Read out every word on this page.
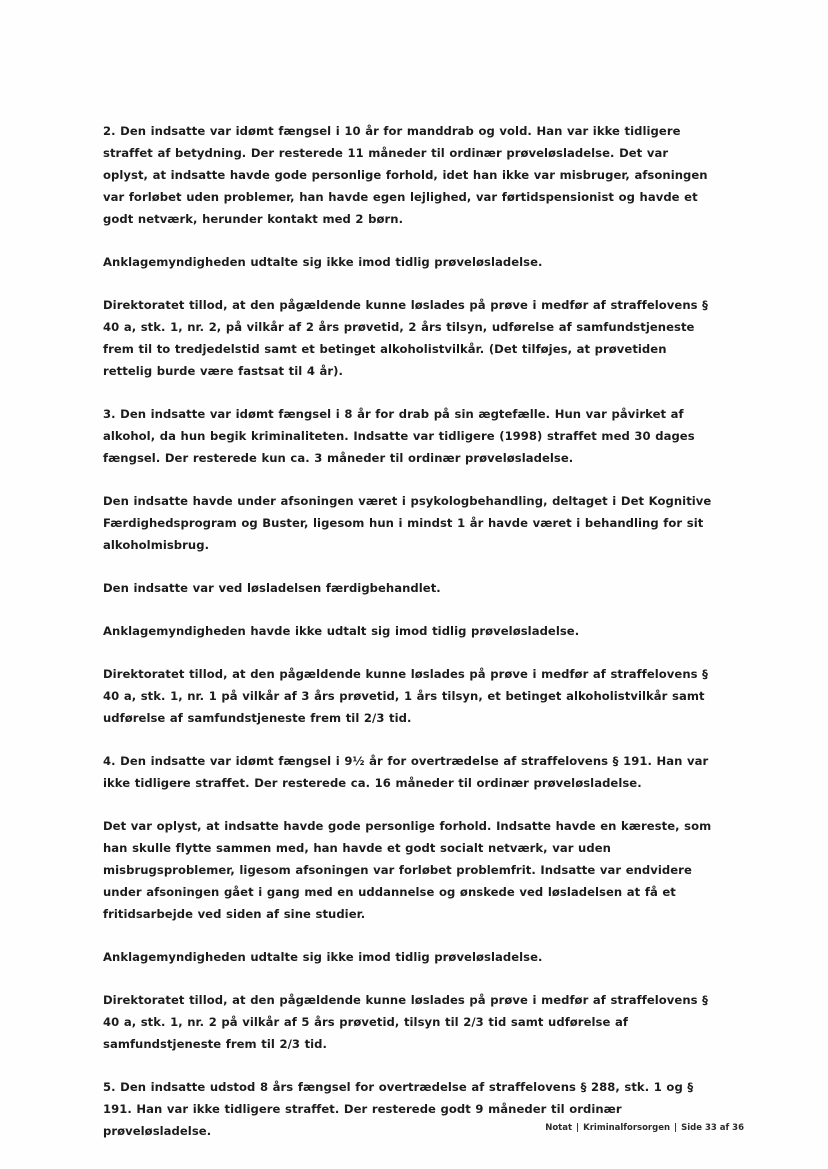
2. Den indsatte var idømt fængsel i 10 år for manddrab og vold. Han var ikke tidligere straffet af betydning. Der resterede 11 måneder til ordinær prøveløsladelse. Det var oplyst, at indsatte havde gode personlige forhold, idet han ikke var misbruger, afsoningen var forløbet uden problemer, han havde egen lejlighed, var førtidspensionist og havde et godt netværk, herunder kontakt med 2 børn.

Anklagemyndigheden udtalte sig ikke imod tidlig prøveløsladelse.

Direktoratet tillod, at den pågældende kunne løslades på prøve i medfør af straffelovens § 40 a, stk. 1, nr. 2, på vilkår af 2 års prøvetid, 2 års tilsyn, udførelse af samfundstjeneste frem til to tredjedelstid samt et betinget alkoholistvilkår. (Det tilføjes, at prøvetiden rettelig burde være fastsat til 4 år).

3. Den indsatte var idømt fængsel i 8 år for drab på sin ægtefælle. Hun var påvirket af alkohol, da hun begik kriminaliteten. Indsatte var tidligere (1998) straffet med 30 dages fængsel. Der resterede kun ca. 3 måneder til ordinær prøveløsladelse.

Den indsatte havde under afsoningen været i psykologbehandling, deltaget i Det Kognitive Færdighedsprogram og Buster, ligesom hun i mindst 1 år havde været i behandling for sit alkoholmisbrug.

Den indsatte var ved løsladelsen færdigbehandlet.

Anklagemyndigheden havde ikke udtalt sig imod tidlig prøveløsladelse.

Direktoratet tillod, at den pågældende kunne løslades på prøve i medfør af straffelovens § 40 a, stk. 1, nr. 1 på vilkår af 3 års prøvetid, 1 års tilsyn, et betinget alkoholistvilkår samt udførelse af samfundstjeneste frem til 2/3 tid.

4. Den indsatte var idømt fængsel i 9½ år for overtrædelse af straffelovens § 191. Han var ikke tidligere straffet. Der resterede ca. 16 måneder til ordinær prøveløsladelse.

Det var oplyst, at indsatte havde gode personlige forhold. Indsatte havde en kæreste, som han skulle flytte sammen med, han havde et godt socialt netværk, var uden misbrugsproblemer, ligesom afsoningen var forløbet problemfrit. Indsatte var endvidere under afsoningen gået i gang med en uddannelse og ønskede ved løsladelsen at få et fritidsarbejde ved siden af sine studier.

Anklagemyndigheden udtalte sig ikke imod tidlig prøveløsladelse.

Direktoratet tillod, at den pågældende kunne løslades på prøve i medfør af straffelovens § 40 a, stk. 1, nr. 2 på vilkår af 5 års prøvetid, tilsyn til 2/3 tid samt udførelse af samfundstjeneste frem til 2/3 tid.

5. Den indsatte udstod 8 års fængsel for overtrædelse af straffelovens § 288, stk. 1 og § 191. Han var ikke tidligere straffet. Der resterede godt 9 måneder til ordinær prøveløsladelse.	Notat | Kriminalforsorgen | Side 33 af 36
